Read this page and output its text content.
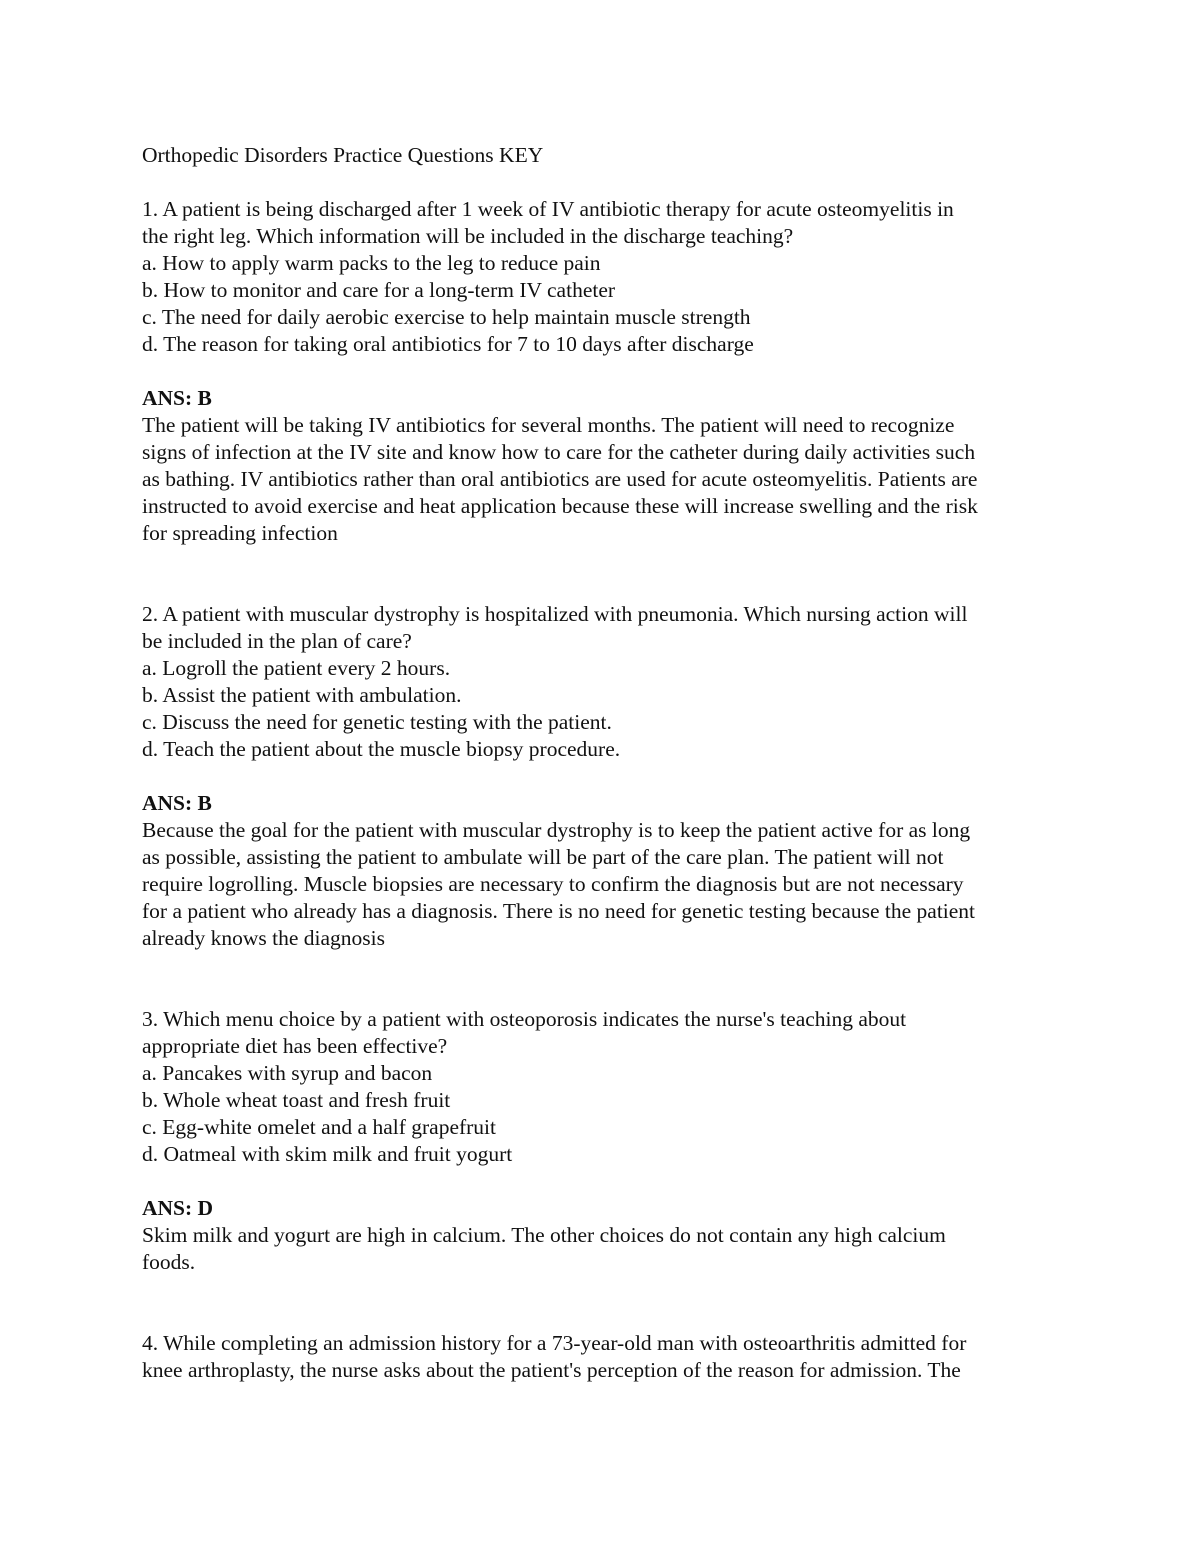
Orthopedic Disorders Practice Questions KEY

1. A patient is being discharged after 1 week of IV antibiotic therapy for acute osteomyelitis in

the right leg. Which information will be included in the discharge teaching?

a. How to apply warm packs to the leg to reduce pain

b. How to monitor and care for a long-term IV catheter

c. The need for daily aerobic exercise to help maintain muscle strength

d. The reason for taking oral antibiotics for 7 to 10 days after discharge

ANS: B

The patient will be taking IV antibiotics for several months. The patient will need to recognize

signs of infection at the IV site and know how to care for the catheter during daily activities such

as bathing. IV antibiotics rather than oral antibiotics are used for acute osteomyelitis. Patients are

instructed to avoid exercise and heat application because these will increase swelling and the risk

for spreading infection

2. A patient with muscular dystrophy is hospitalized with pneumonia. Which nursing action will

be included in the plan of care?

a. Logroll the patient every 2 hours.

b. Assist the patient with ambulation.

c. Discuss the need for genetic testing with the patient.

d. Teach the patient about the muscle biopsy procedure.

ANS: B

Because the goal for the patient with muscular dystrophy is to keep the patient active for as long

as possible, assisting the patient to ambulate will be part of the care plan. The patient will not

require logrolling. Muscle biopsies are necessary to confirm the diagnosis but are not necessary

for a patient who already has a diagnosis. There is no need for genetic testing because the patient

already knows the diagnosis

3. Which menu choice by a patient with osteoporosis indicates the nurse's teaching about

appropriate diet has been effective?

a. Pancakes with syrup and bacon

b. Whole wheat toast and fresh fruit

c. Egg-white omelet and a half grapefruit

d. Oatmeal with skim milk and fruit yogurt

ANS: D

Skim milk and yogurt are high in calcium. The other choices do not contain any high calcium

foods.

4. While completing an admission history for a 73-year-old man with osteoarthritis admitted for

knee arthroplasty, the nurse asks about the patient's perception of the reason for admission. The
